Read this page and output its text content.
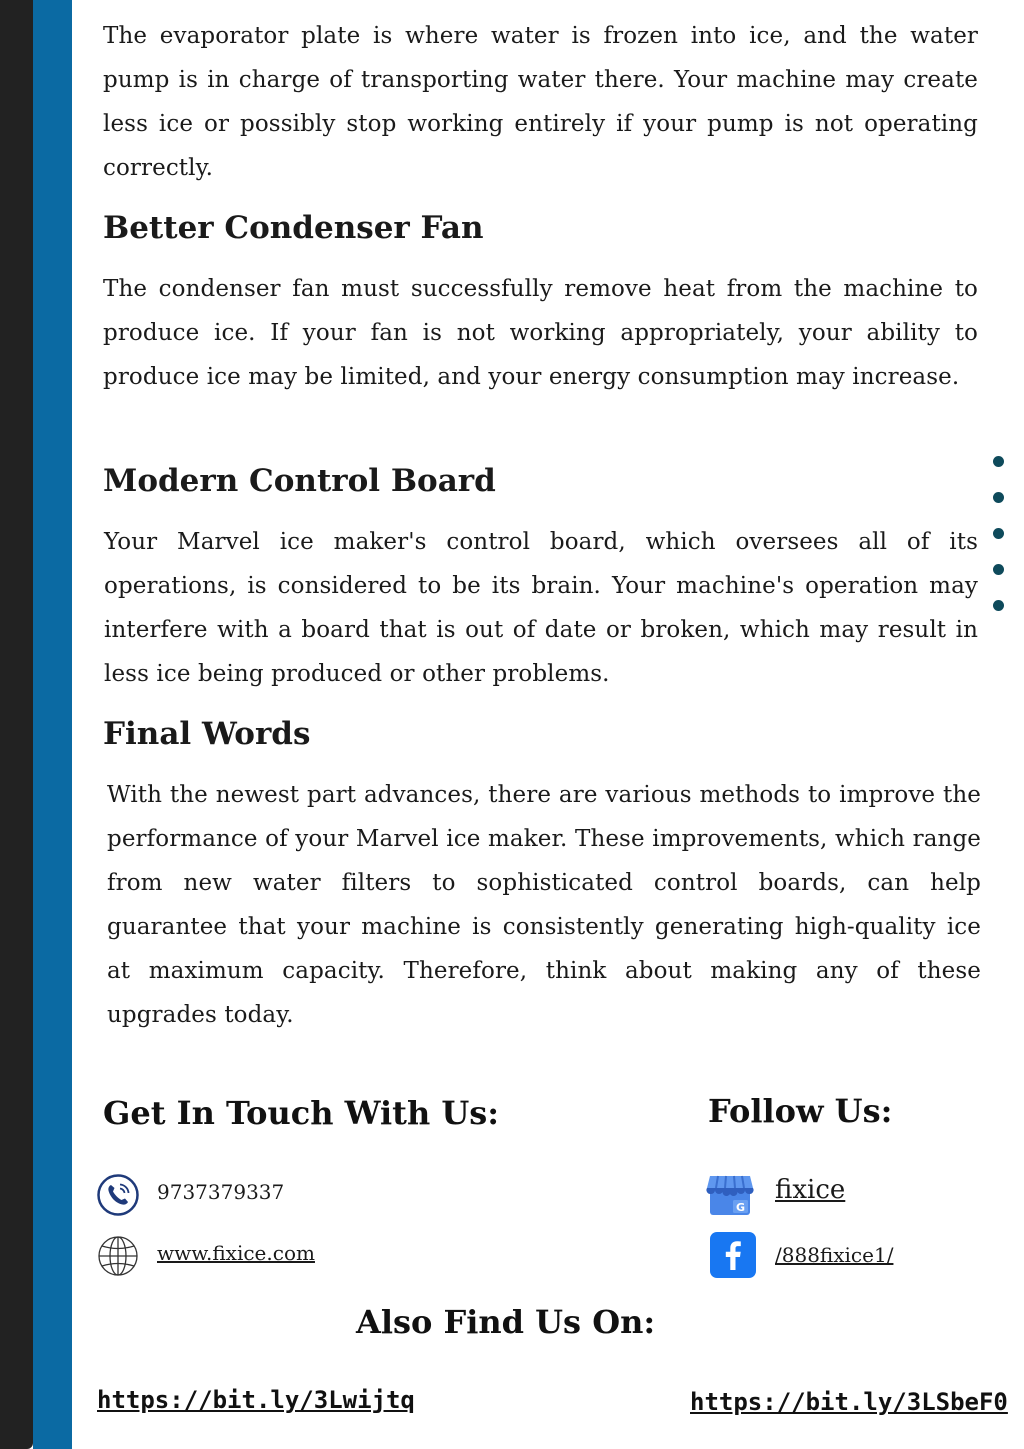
The evaporator plate is where water is frozen into ice, and the water pump is in charge of transporting water there. Your machine may create less ice or possibly stop working entirely if your pump is not operating correctly.

Better Condenser Fan

The condenser fan must successfully remove heat from the machine to produce ice. If your fan is not working appropriately, your ability to produce ice may be limited, and your energy consumption may increase.

Modern Control Board

Your Marvel ice maker's control board, which oversees all of its operations, is considered to be its brain. Your machine's operation may interfere with a board that is out of date or broken, which may result in less ice being produced or other problems.

Final Words

With the newest part advances, there are various methods to improve the performance of your Marvel ice maker. These improvements, which range from new water filters to sophisticated control boards, can help guarantee that your machine is consistently generating high-quality ice at maximum capacity. Therefore, think about making any of these upgrades today.

Get In Touch With Us:
9737379337
www.fixice.com
Follow Us:
G
fixice
/888fixice1/
Also Find Us On:
https://bit.ly/3Lwijtq	https://bit.ly/3LSbeF0
